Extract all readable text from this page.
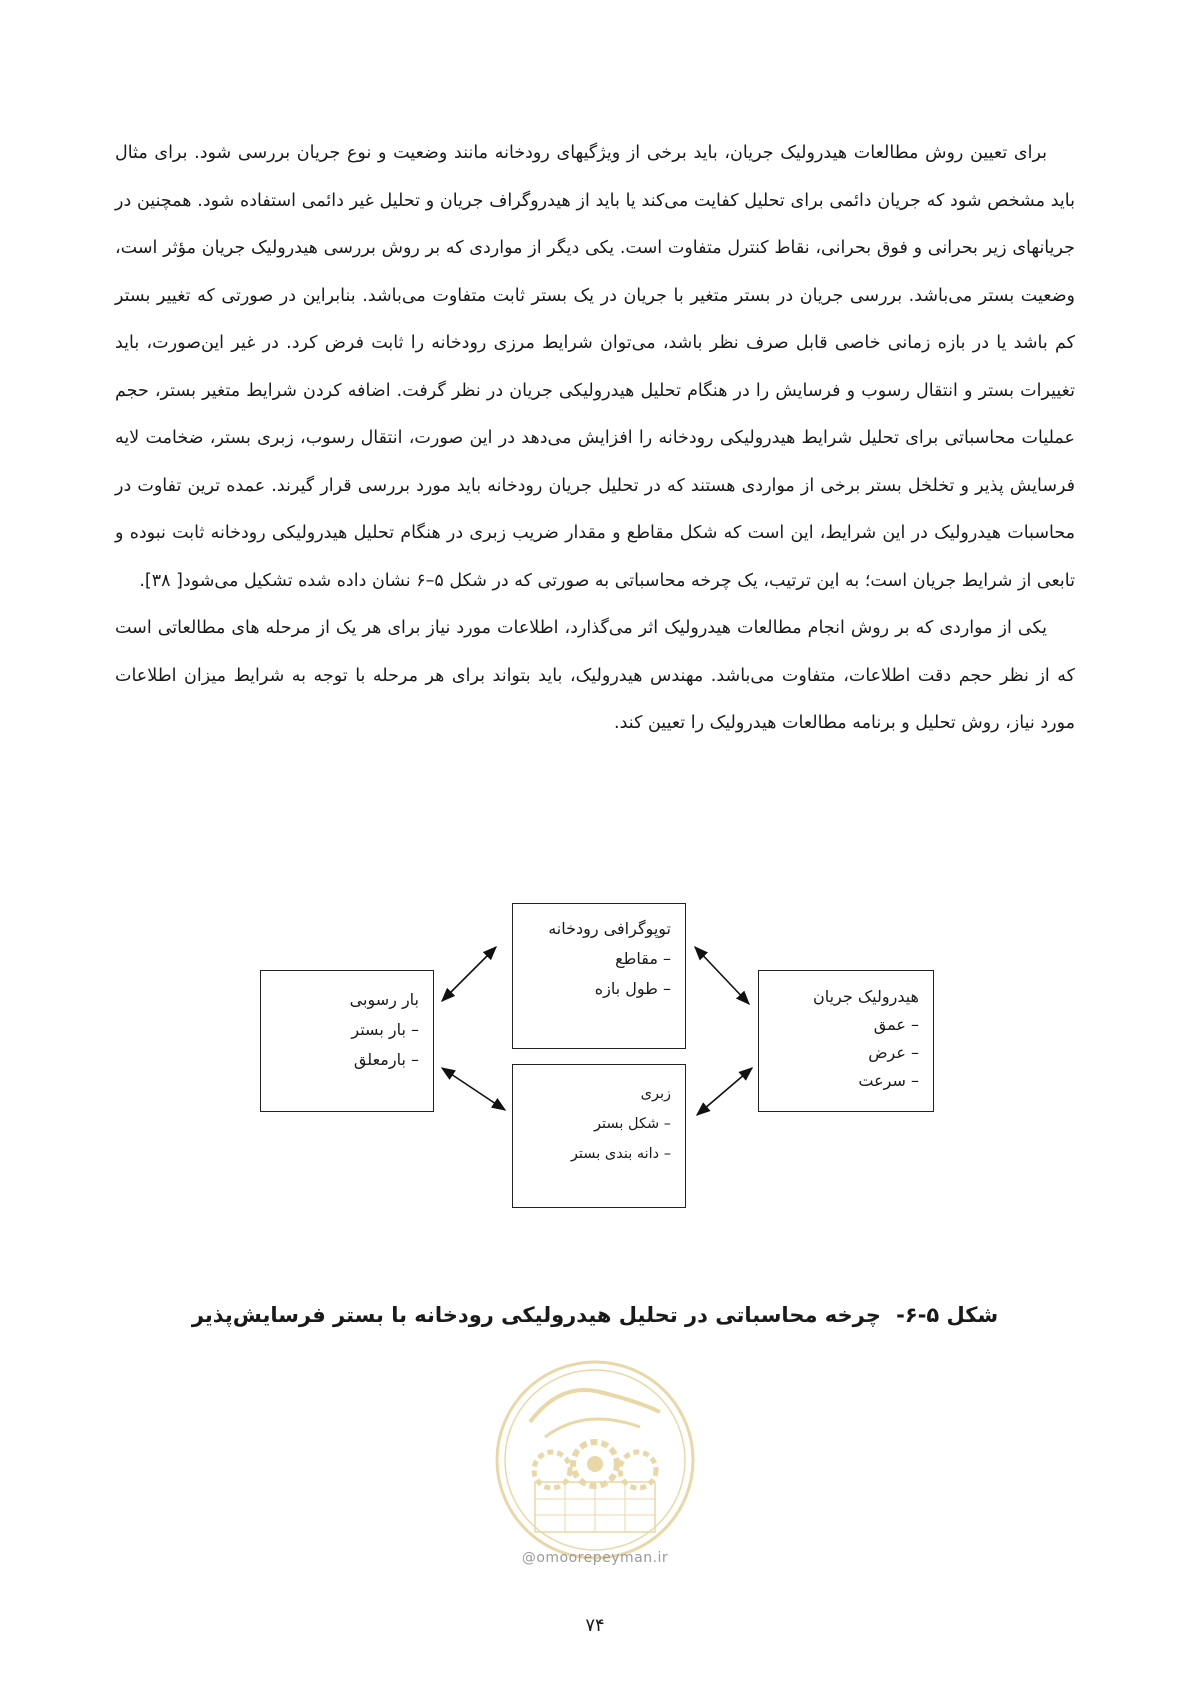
برای تعیین روش مطالعات هیدرولیک جریان، باید برخی از ویژگیهای رودخانه مانند وضعیت و نوع جریان بررسی شود. برای مثال باید مشخص شود که جریان دائمی برای تحلیل کفایت می‌کند یا باید از هیدروگراف جریان و تحلیل غیر دائمی استفاده شود. همچنین در جریانهای زیر بحرانی و فوق بحرانی، نقاط کنترل متفاوت است. یکی دیگر از مواردی که بر روش بررسی هیدرولیک جریان مؤثر است، وضعیت بستر می‌باشد. بررسی جریان در بستر متغیر با جریان در یک بستر ثابت متفاوت می‌باشد. بنابراین در صورتی که تغییر بستر کم باشد یا در بازه زمانی خاصی قابل صرف نظر باشد، می‌توان شرایط مرزی رودخانه را ثابت فرض کرد. در غیر این‌صورت، باید تغییرات بستر و انتقال رسوب و فرسایش را در هنگام تحلیل هیدرولیکی جریان در نظر گرفت. اضافه کردن شرایط متغیر بستر، حجم عملیات محاسباتی برای تحلیل شرایط هیدرولیکی رودخانه را افزایش می‌دهد در این صورت، انتقال رسوب، زبری بستر، ضخامت لایه فرسایش پذیر و تخلخل بستر برخی از مواردی هستند که در تحلیل جریان رودخانه باید مورد بررسی قرار گیرند. عمده ترین تفاوت در محاسبات هیدرولیک در این شرایط، این است که شکل مقاطع و مقدار ضریب زبری در هنگام تحلیل هیدرولیکی رودخانه ثابت نبوده و تابعی از شرایط جریان است؛ به این ترتیب، یک چرخه محاسباتی به صورتی که در شکل ۵–۶ نشان داده شده تشکیل می‌شود[ ۳۸].

یکی از مواردی که بر روش انجام مطالعات هیدرولیک اثر می‌گذارد، اطلاعات مورد نیاز برای هر یک از مرحله های مطالعاتی است که از نظر حجم دقت اطلاعات، متفاوت می‌باشد. مهندس هیدرولیک، باید بتواند برای هر مرحله با توجه به شرایط میزان اطلاعات مورد نیاز، روش تحلیل و برنامه مطالعات هیدرولیک را تعیین کند.

بار رسوبی
– بار بستر
– بارمعلق
توپوگرافی رودخانه
– مقاطع
– طول بازه
زبری
– شکل بستر
– دانه بندی بستر
هیدرولیک جریان
– عمق
– عرض
– سرعت
شکل ۵-۶- چرخه محاسباتی در تحلیل هیدرولیکی رودخانه با بستر فرسایش‌پذیر
@omoorepeyman.ir
۷۴
